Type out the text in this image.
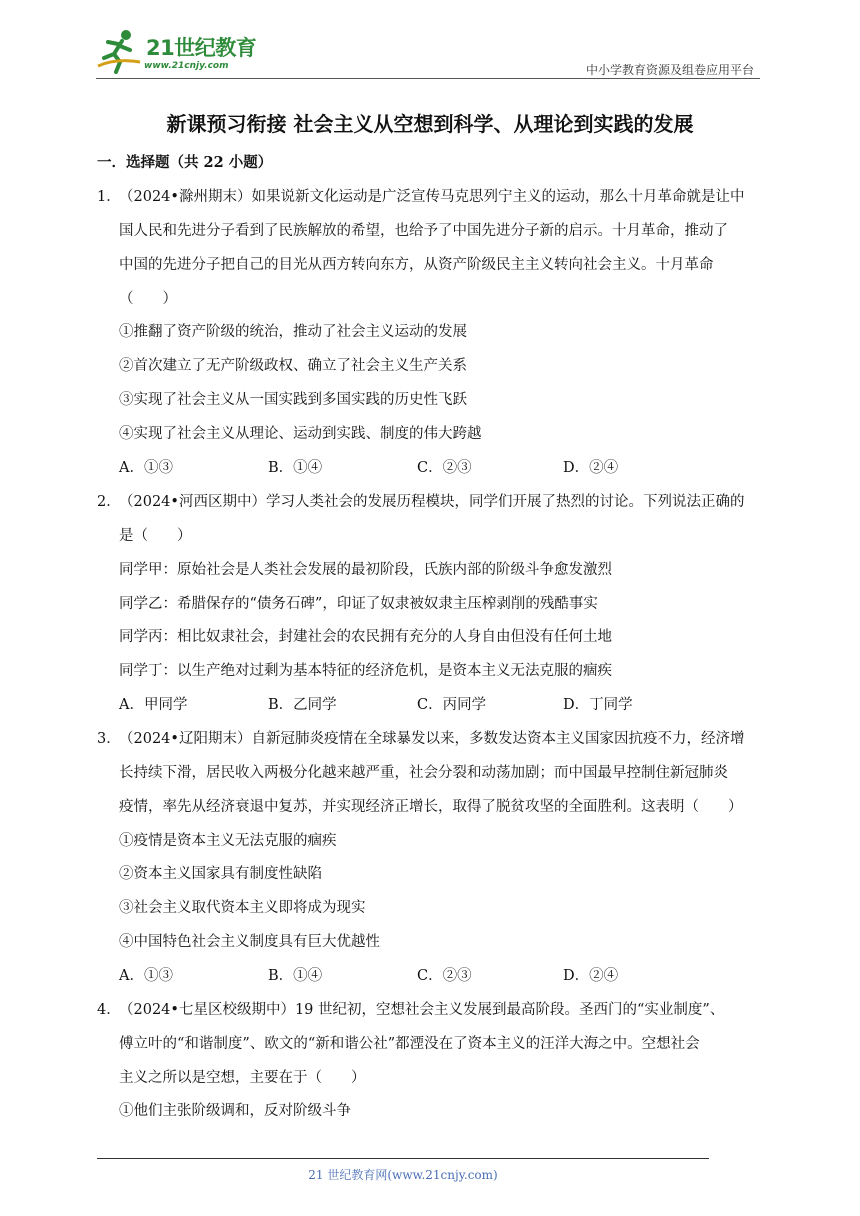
21世纪教育
www.21cnjy.com	中小学教育资源及组卷应用平台
新课预习衔接 社会主义从空想到科学、从理论到实践的发展
一．选择题（共 22 小题）
1．（2024•滁州期末）如果说新文化运动是广泛宣传马克思列宁主义的运动，那么十月革命就是让中
国人民和先进分子看到了民族解放的希望，也给予了中国先进分子新的启示。十月革命，推动了
中国的先进分子把自己的目光从西方转向东方，从资产阶级民主主义转向社会主义。十月革命
（　　）
①推翻了资产阶级的统治，推动了社会主义运动的发展
②首次建立了无产阶级政权、确立了社会主义生产关系
③实现了社会主义从一国实践到多国实践的历史性飞跃
④实现了社会主义从理论、运动到实践、制度的伟大跨越
A．①③	B．①④	C．②③	D．②④
2．（2024•河西区期中）学习人类社会的发展历程模块，同学们开展了热烈的讨论。下列说法正确的
是（　　）
同学甲：原始社会是人类社会发展的最初阶段，氏族内部的阶级斗争愈发激烈
同学乙：希腊保存的“债务石碑”，印证了奴隶被奴隶主压榨剥削的残酷事实
同学丙：相比奴隶社会，封建社会的农民拥有充分的人身自由但没有任何土地
同学丁：以生产绝对过剩为基本特征的经济危机，是资本主义无法克服的痼疾
A．甲同学	B．乙同学	C．丙同学	D．丁同学
3．（2024•辽阳期末）自新冠肺炎疫情在全球暴发以来，多数发达资本主义国家因抗疫不力，经济增
长持续下滑，居民收入两极分化越来越严重，社会分裂和动荡加剧；而中国最早控制住新冠肺炎
疫情，率先从经济衰退中复苏，并实现经济正增长，取得了脱贫攻坚的全面胜利。这表明（　　）
①疫情是资本主义无法克服的痼疾
②资本主义国家具有制度性缺陷
③社会主义取代资本主义即将成为现实
④中国特色社会主义制度具有巨大优越性
A．①③	B．①④	C．②③	D．②④
4．（2024•七星区校级期中）19 世纪初，空想社会主义发展到最高阶段。圣西门的“实业制度”、
傅立叶的“和谐制度”、欧文的“新和谐公社”都湮没在了资本主义的汪洋大海之中。空想社会
主义之所以是空想，主要在于（　　）
①他们主张阶级调和，反对阶级斗争
21 世纪教育网(www.21cnjy.com)
